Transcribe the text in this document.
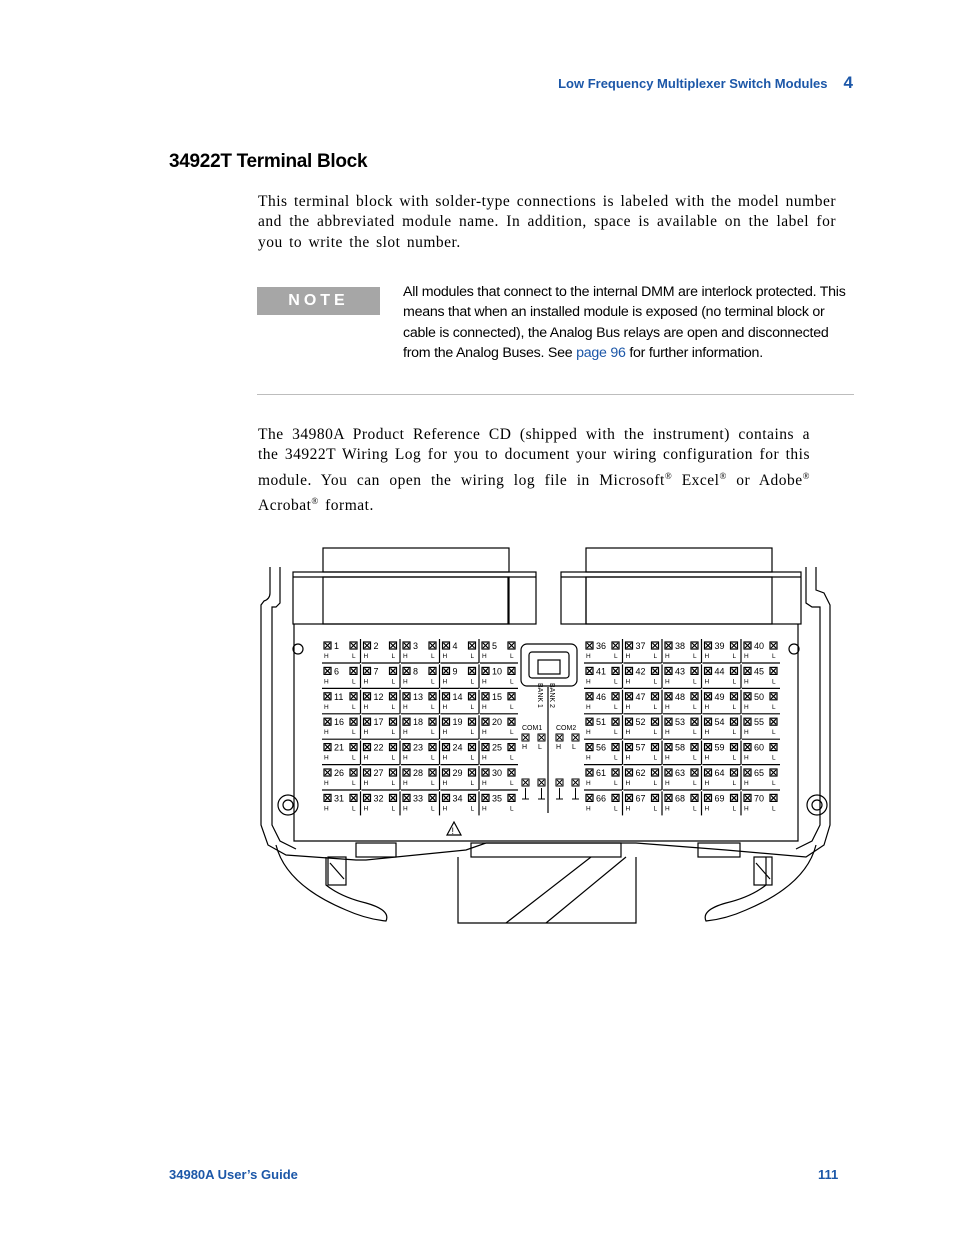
Low Frequency Multiplexer Switch Modules 4
34922T Terminal Block

This terminal block with solder-type connections is labeled with the model number and the abbreviated module name. In addition, space is available on the label for you to write the slot number.

NOTE	All modules that connect to the internal DMM are interlock protected. This means that when an installed module is exposed (no terminal block or cable is connected), the Analog Bus relays are open and disconnected from the Analog Buses. See page 96 for further information.

The 34980A Product Reference CD (shipped with the instrument) contains a the 34922T Wiring Log for you to document your wiring configuration for this module. You can open the wiring log file in Microsoft® Excel® or Adobe® Acrobat® format.

1
H	L
2
H	L
3
H	L
4
H	L
5
H	L
6
H	L
7
H	L
8
H	L
9
H	L
10
H	L
11
H	L
12
H	L
13
H	L
14
H	L
15
H	L
16
H	L
17
H	L
18
H	L
19
H	L
20
H	L
21
H	L
22
H	L
23
H	L
24
H	L
25
H	L
26
H	L
27
H	L
28
H	L
29
H	L
30
H	L
31
H	L
32
H	L
33
H	L
34
H	L
35
H	L
36
H	L
37
H	L
38
H	L
39
H	L
40
H	L
41
H	L
42
H	L
43
H	L
44
H	L
45
H	L
46
H	L
47
H	L
48
H	L
49
H	L
50
H	L
51
H	L
52
H	L
53
H	L
54
H	L
55
H	L
56
H	L
57
H	L
58
H	L
59
H	L
60
H	L
61
H	L
62
H	L
63
H	L
64
H	L
65
H	L
66
H	L
67
H	L
68
H	L
69
H	L
70
H	L
COM1 COM2
BANK 1 BANK 2
H L H L
!
34980A User’s Guide	111
